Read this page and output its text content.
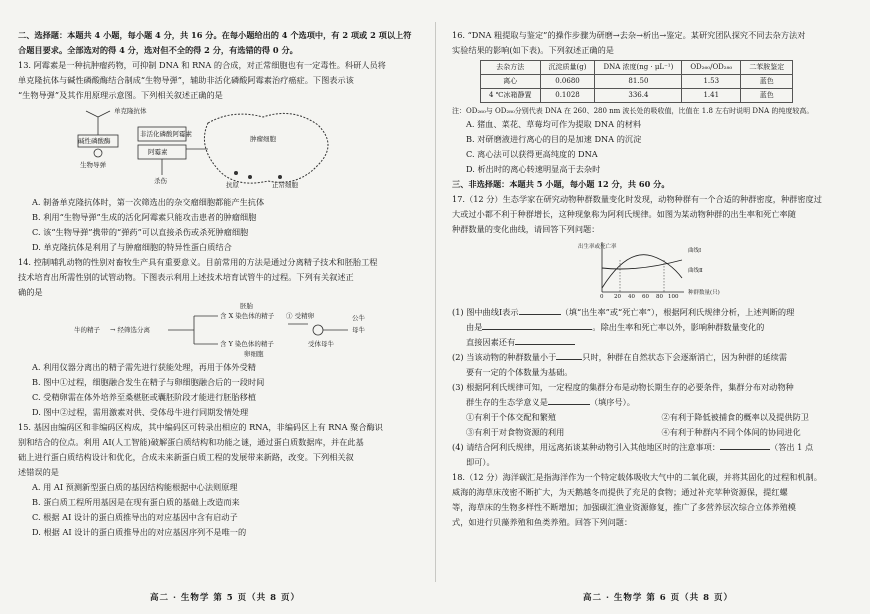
二、选择题：本题共 4 小题，每小题 4 分，共 16 分。在每小题给出的 4 个选项中，有 2 项或 2 项以上符

合题目要求。全部选对的得 4 分，选对但不全的得 2 分，有选错的得 0 分。

13. 阿霉素是一种抗肿瘤药物，可抑制 DNA 和 RNA 的合成，对正常细胞也有一定毒性。科研人员将

单克隆抗体与碱性磷酸酶结合制成“生物导弹”，辅助非活化磷酸阿霉素治疗癌症。下图表示该

“生物导弹”及其作用原理示意图。下列相关叙述正确的是

单克隆抗体
碱性磷酸酶
生物导弹
非活化磷酸阿霉素
阿霉素
杀伤
肿瘤细胞
抗原	正常细胞

A. 制备单克隆抗体时，第一次筛选出的杂交瘤细胞都能产生抗体

B. 利用“生物导弹”生成的活化阿霉素只能攻击患者的肿瘤细胞

C. 该“生物导弹”携带的“弹药”可以直接杀伤或杀死肿瘤细胞

D. 单克隆抗体是利用了与肿瘤细胞的特异性蛋白质结合

14. 控制哺乳动物的性别对畜牧生产具有重要意义。目前常用的方法是通过分离精子技术和胚胎工程

技术培育出所需性别的试管动物。下图表示利用上述技术培育试管牛的过程。下列有关叙述正

确的是

牛的精子 → 经筛选分离
含 X 染色体的精子
含 Y 染色体的精子
① 受精卵
胚胎
卵细胞
母牛
公牛
受体母牛

A. 利用仪器分离出的精子需先进行获能处理，再用于体外受精

B. 图中①过程，细胞融合发生在精子与卵细胞融合后的一段时间

C. 受精卵需在体外培养至桑椹胚或囊胚阶段才能进行胚胎移植

D. 图中②过程，需用激素对供、受体母牛进行同期发情处理

15. 基因由编码区和非编码区构成，其中编码区可转录出相应的 RNA，非编码区上有 RNA 聚合酶识

别和结合的位点。利用 AI(人工智能)破解蛋白质结构和功能之谜，通过蛋白质数据库，并在此基

础上进行蛋白质结构设计和优化，合成未来新蛋白质工程的发展带来新路，改变。下列相关叙

述错误的是

A. 用 AI 预测新型蛋白质的基因结构能根据中心法则原理

B. 蛋白质工程所用基因是在现有蛋白质的基础上改造而来

C. 根据 AI 设计的蛋白质推导出的对应基因中含有启动子

D. 根据 AI 设计的蛋白质推导出的对应基因序列不是唯一的

16. “DNA 粗提取与鉴定”的操作步骤为研磨→去杂→析出→鉴定。某研究团队探究不同去杂方法对

实验结果的影响(如下表)。下列叙述正确的是

去杂方法	沉淀质量(g)	DNA 浓度(ng · μL⁻¹)	OD₂₆₀/OD₂₈₀	二苯胺鉴定
离心	0.0680	81.50	1.53	蓝色
4 ℃冰箱静置	0.1028	336.4	1.41	蓝色

注：OD₂₆₀与 OD₂₈₀分别代表 DNA 在 260、280 nm 波长处的吸收值，比值在 1.8 左右时说明 DNA 的纯度较高。

A. 猪血、菜花、草莓均可作为提取 DNA 的材料

B. 对研磨液进行离心的目的是加速 DNA 的沉淀

C. 离心法可以获得更高纯度的 DNA

D. 析出时的离心转速明显高于去杂时

三、非选择题：本题共 5 小题，每小题 12 分，共 60 分。

17.（12 分）生态学家在研究动物种群数量变化时发现，动物种群有一个合适的种群密度，种群密度过

大或过小都不利于种群增长，这种现象称为阿利氏规律。如图为某动物种群的出生率和死亡率随

种群数量的变化曲线，请回答下列问题：

出生率或死亡率
曲线Ⅰ
曲线Ⅱ
0 20 40 60 80 100
种群数量(只)

(1) 图中曲线Ⅰ表示	（填“出生率”或“死亡率”），根据阿利氏规律分析，上述判断的理

由是	。除出生率和死亡率以外，影响种群数量变化的

直接因素还有

(2) 当该动物的种群数量小于	只时，种群在自然状态下会逐渐消亡，因为种群的延续需

要有一定的个体数量为基础。

(3) 根据阿利氏规律可知，一定程度的集群分布是动物长期生存的必要条件，集群分布对动物种

群生存的生态学意义是	（填序号）。

①有利于个体交配和繁殖	②有利于降低被捕食的概率以及提供防卫
③有利于对食物资源的利用	④有利于种群内不同个体间的协同进化

(4) 请结合阿利氏规律，用远离拓谈某种动物引入其他地区时的注意事项：	（答出 1 点

即可）。

18.（12 分）海洋碳汇是指海洋作为一个特定载体吸收大气中的二氧化碳，并将其固化的过程和机制。

威海的海草床茂密不断扩大，为天鹅越冬而提供了充足的食物；通过补充苹种资源保，提红螺

等，海草床的生物多样性不断增加；加强碳汇渔业资源修复，推广了多营养层次综合立体养殖模

式，如进行贝藻养殖和鱼类养殖。回答下列问题：

高二 · 生物学 第 5 页（共 8 页）	高二 · 生物学 第 6 页（共 8 页）
